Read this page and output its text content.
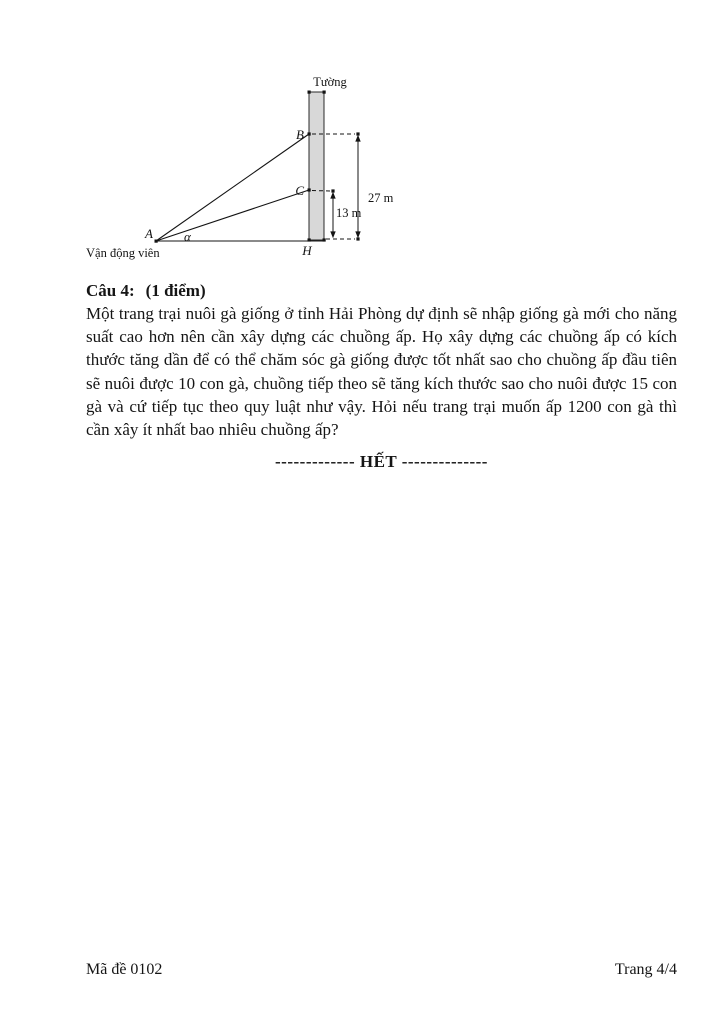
Tường
27 m
13 m
A
B
C
H
α
Vận động viên
Câu 4: (1 điểm)

Một trang trại nuôi gà giống ở tỉnh Hải Phòng dự định sẽ nhập giống gà mới cho năng suất cao hơn nên cần xây dựng các chuồng ấp. Họ xây dựng các chuồng ấp có kích thước tăng dần để có thể chăm sóc gà giống được tốt nhất sao cho chuồng ấp đầu tiên sẽ nuôi được 10 con gà, chuồng tiếp theo sẽ tăng kích thước sao cho nuôi được 15 con gà và cứ tiếp tục theo quy luật như vậy. Hỏi nếu trang trại muốn ấp 1200 con gà thì cần xây ít nhất bao nhiêu chuồng ấp?

------------- HẾT --------------
Mã đề 0102	Trang 4/4
